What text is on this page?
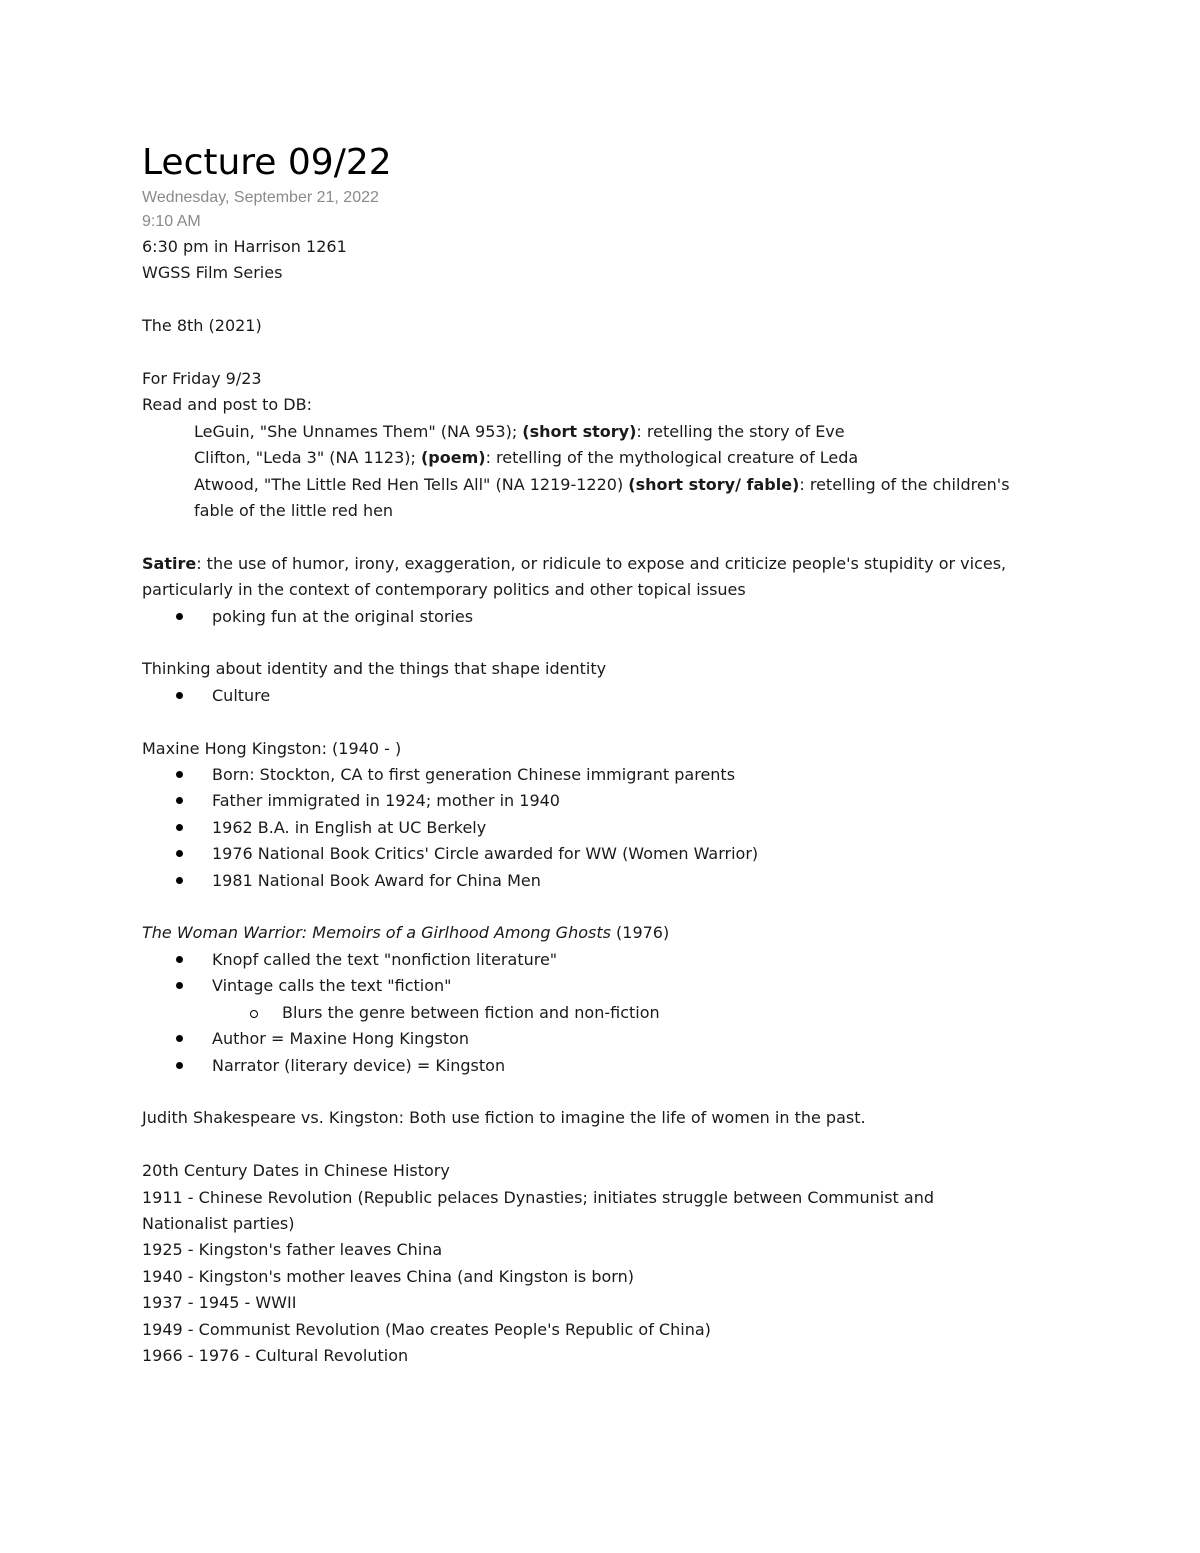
Lecture 09/22
Wednesday, September 21, 2022
9:10 AM

6:30 pm in Harrison 1261

WGSS Film Series

The 8th (2021)

For Friday 9/23

Read and post to DB:

LeGuin, "She Unnames Them" (NA 953); (short story): retelling the story of Eve

Clifton, "Leda 3" (NA 1123); (poem): retelling of the mythological creature of Leda

Atwood, "The Little Red Hen Tells All" (NA 1219-1220) (short story/ fable): retelling of the children's fable of the little red hen

Satire: the use of humor, irony, exaggeration, or ridicule to expose and criticize people's stupidity or vices, particularly in the context of contemporary politics and other topical issues

poking fun at the original stories

Thinking about identity and the things that shape identity

Culture

Maxine Hong Kingston: (1940 - )

Born: Stockton, CA to first generation Chinese immigrant parents
Father immigrated in 1924; mother in 1940
1962 B.A. in English at UC Berkely
1976 National Book Critics' Circle awarded for WW (Women Warrior)
1981 National Book Award for China Men

The Woman Warrior: Memoirs of a Girlhood Among Ghosts (1976)

Knopf called the text "nonfiction literature"
Vintage calls the text "fiction"
Blurs the genre between fiction and non-fiction
Author = Maxine Hong Kingston
Narrator (literary device) = Kingston

Judith Shakespeare vs. Kingston: Both use fiction to imagine the life of women in the past.

20th Century Dates in Chinese History

1911 - Chinese Revolution (Republic pelaces Dynasties; initiates struggle between Communist and Nationalist parties)

1925 - Kingston's father leaves China

1940 - Kingston's mother leaves China (and Kingston is born)

1937 - 1945 - WWII

1949 - Communist Revolution (Mao creates People's Republic of China)

1966 - 1976 - Cultural Revolution
